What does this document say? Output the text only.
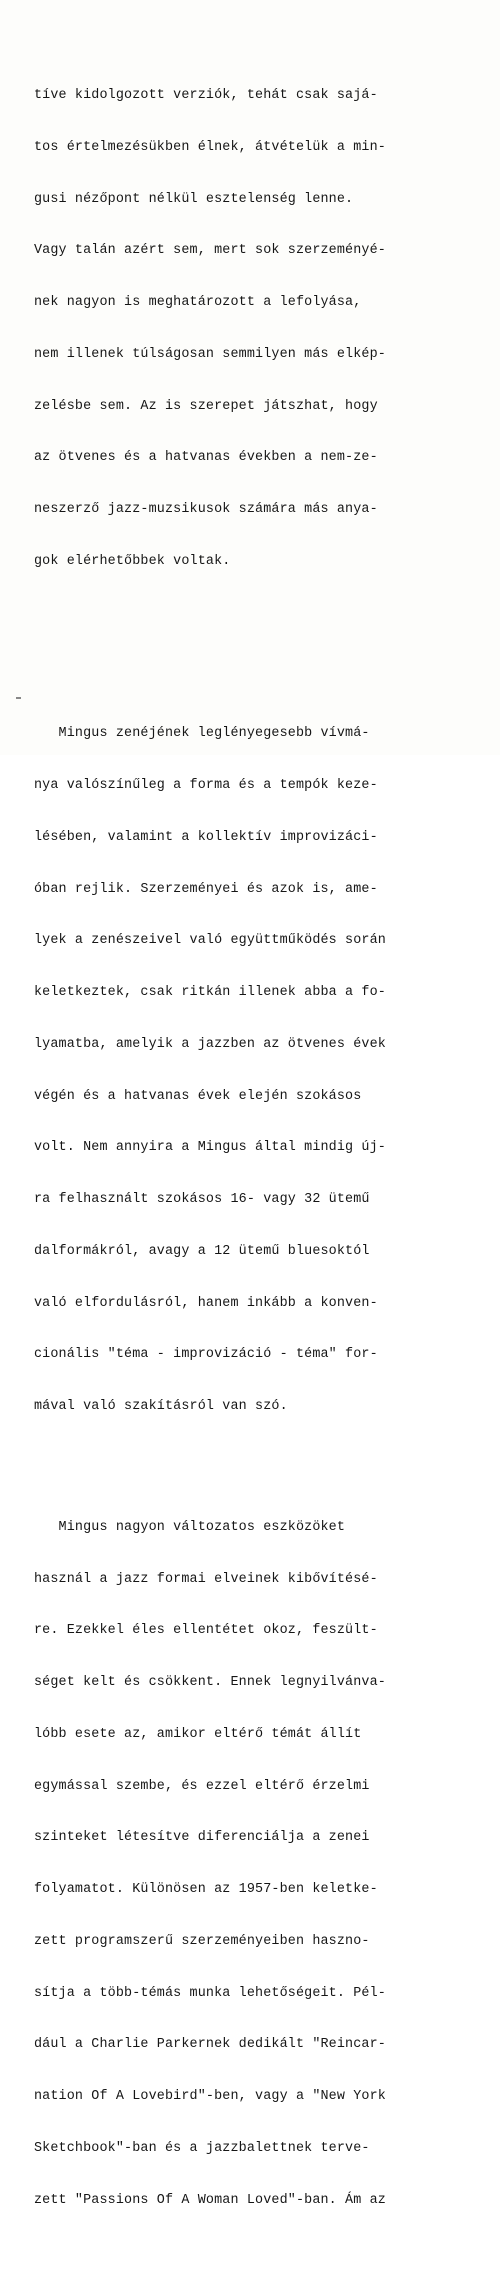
tíve kidolgozott verziók, tehát csak sajá-

tos értelmezésükben élnek, átvételük a min-

gusi nézőpont nélkül esztelenség lenne.

Vagy talán azért sem, mert sok szerzeményé-

nek nagyon is meghatározott a lefolyása,

nem illenek túlságosan semmilyen más elkép-

zelésbe sem. Az is szerepet játszhat, hogy

az ötvenes és a hatvanas években a nem-ze-

neszerző jazz-muzsikusok számára más anya-

gok elérhetőbbek voltak.

Mingus zenéjének leglényegesebb vívmá-

nya valószínűleg a forma és a tempók keze-

lésében, valamint a kollektív improvizáci-

óban rejlik. Szerzeményei és azok is, ame-

lyek a zenészeivel való együttműködés során

keletkeztek, csak ritkán illenek abba a fo-

lyamatba, amelyik a jazzben az ötvenes évek

végén és a hatvanas évek elején szokásos

volt. Nem annyira a Mingus által mindig új-

ra felhasznált szokásos 16- vagy 32 ütemű

dalformákról, avagy a 12 ütemű bluesoktól

való elfordulásról, hanem inkább a konven-

cionális "téma - improvizáció - téma" for-

mával való szakításról van szó.

Mingus nagyon változatos eszközöket

használ a jazz formai elveinek kibővítésé-

re. Ezekkel éles ellentétet okoz, feszült-

séget kelt és csökkent. Ennek legnyilvánva-

lóbb esete az, amikor eltérő témát állít

egymással szembe, és ezzel eltérő érzelmi

szinteket létesítve diferenciálja a zenei

folyamatot. Különösen az 1957-ben keletke-

zett programszerű szerzeményeiben haszno-

sítja a több-témás munka lehetőségeit. Pél-

dául a Charlie Parkernek dedikált "Reincar-

nation Of A Lovebird"-ben, vagy a "New York

Sketchbook"-ban és a jazzbalettnek terve-

zett "Passions Of A Woman Loved"-ban. Ám az
